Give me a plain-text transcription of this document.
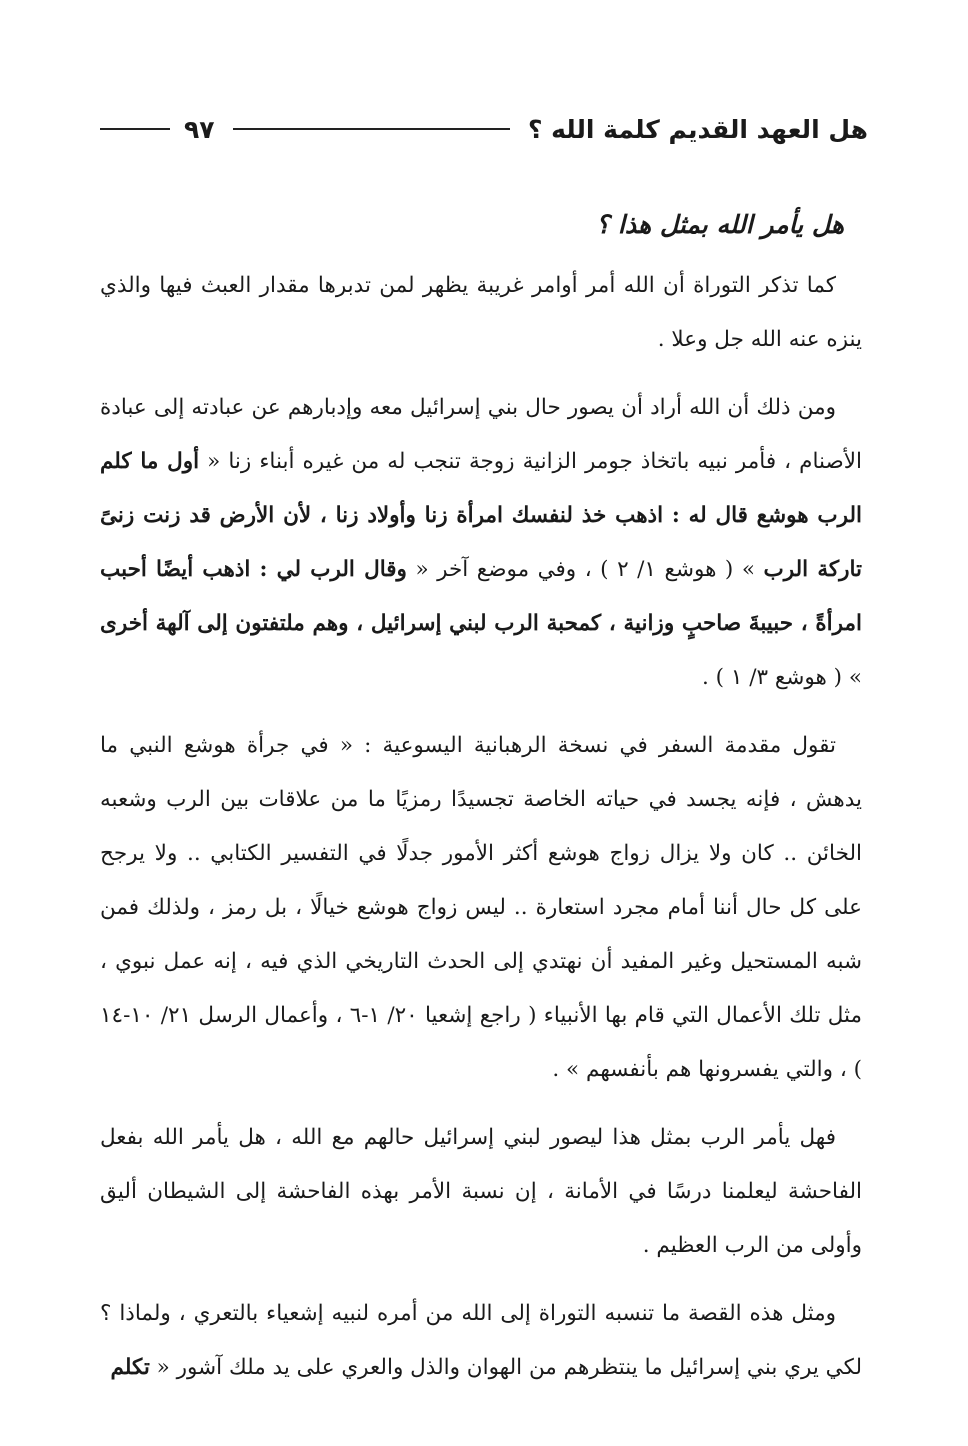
هل العهد القديم كلمة الله ؟
٩٧
هل يأمر الله بمثل هذا ؟

كما تذكر التوراة أن الله أمر أوامر غريبة يظهر لمن تدبرها مقدار العبث فيها والذي ينزه عنه الله جل وعلا .

ومن ذلك أن الله أراد أن يصور حال بني إسرائيل معه وإدبارهم عن عبادته إلى عبادة الأصنام ، فأمر نبيه باتخاذ جومر الزانية زوجة تنجب له من غيره أبناء زنا « أول ما كلم الرب هوشع قال له : اذهب خذ لنفسك امرأة زنا وأولاد زنا ، لأن الأرض قد زنت زنىً تاركة الرب » ( هوشع ١/ ٢ ) ، وفي موضع آخر « وقال الرب لي : اذهب أيضًا أحبب امرأةً ، حبيبةَ صاحبٍ وزانية ، كمحبة الرب لبني إسرائيل ، وهم ملتفتون إلى آلهة أخرى » ( هوشع ٣/ ١ ) .

تقول مقدمة السفر في نسخة الرهبانية اليسوعية : « في جرأة هوشع النبي ما يدهش ، فإنه يجسد في حياته الخاصة تجسيدًا رمزيًا ما من علاقات بين الرب وشعبه الخائن .. كان ولا يزال زواج هوشع أكثر الأمور جدلًا في التفسير الكتابي .. ولا يرجح على كل حال أننا أمام مجرد استعارة .. ليس زواج هوشع خيالًا ، بل رمز ، ولذلك فمن شبه المستحيل وغير المفيد أن نهتدي إلى الحدث التاريخي الذي فيه ، إنه عمل نبوي ، مثل تلك الأعمال التي قام بها الأنبياء ( راجع إشعيا ٢٠/ ١-٦ ، وأعمال الرسل ٢١/ ١٠-١٤ ) ، والتي يفسرونها هم بأنفسهم » .

فهل يأمر الرب بمثل هذا ليصور لبني إسرائيل حالهم مع الله ، هل يأمر الله بفعل الفاحشة ليعلمنا درسًا في الأمانة ، إن نسبة الأمر بهذه الفاحشة إلى الشيطان أليق وأولى من الرب العظيم .

ومثل هذه القصة ما تنسبه التوراة إلى الله من أمره لنبيه إشعياء بالتعري ، ولماذا ؟ لكي يري بني إسرائيل ما ينتظرهم من الهوان والذل والعري على يد ملك آشور « تكلم
